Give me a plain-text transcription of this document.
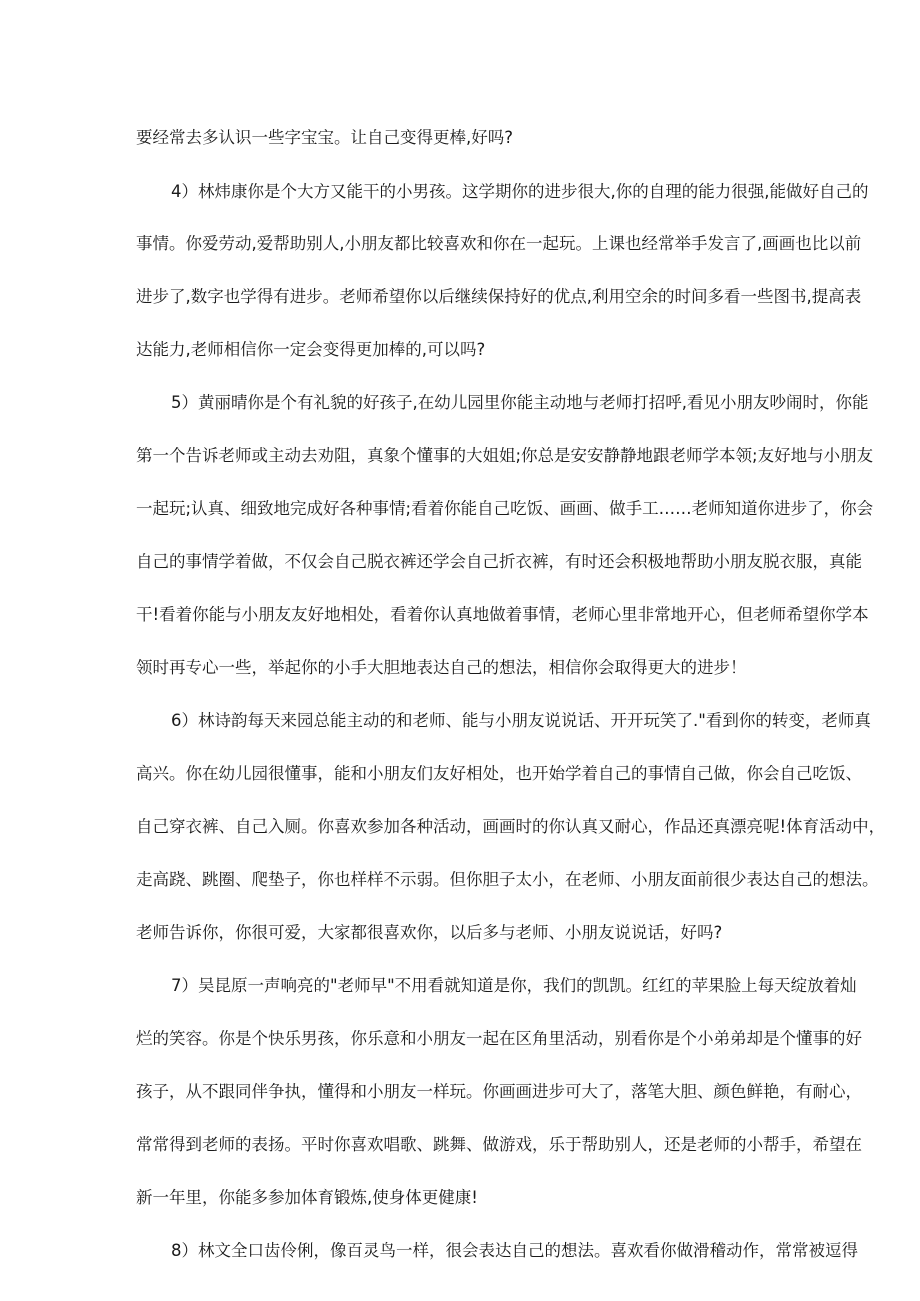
要经常去多认识一些字宝宝。让自己变得更棒,好吗?
4）林炜康你是个大方又能干的小男孩。这学期你的进步很大,你的自理的能力很强,能做好自己的
事情。你爱劳动,爱帮助别人,小朋友都比较喜欢和你在一起玩。上课也经常举手发言了,画画也比以前
进步了,数字也学得有进步。老师希望你以后继续保持好的优点,利用空余的时间多看一些图书,提高表
达能力,老师相信你一定会变得更加棒的,可以吗?
5）黄丽晴你是个有礼貌的好孩子,在幼儿园里你能主动地与老师打招呼,看见小朋友吵闹时，你能
第一个告诉老师或主动去劝阻，真象个懂事的大姐姐;你总是安安静静地跟老师学本领;友好地与小朋友
一起玩;认真、细致地完成好各种事情;看着你能自己吃饭、画画、做手工……老师知道你进步了，你会
自己的事情学着做，不仅会自己脱衣裤还学会自己折衣裤，有时还会积极地帮助小朋友脱衣服，真能
干!看着你能与小朋友友好地相处，看着你认真地做着事情，老师心里非常地开心，但老师希望你学本
领时再专心一些，举起你的小手大胆地表达自己的想法，相信你会取得更大的进步！
6）林诗韵每天来园总能主动的和老师、能与小朋友说说话、开开玩笑了."看到你的转变，老师真
高兴。你在幼儿园很懂事，能和小朋友们友好相处，也开始学着自己的事情自己做，你会自己吃饭、
自己穿衣裤、自己入厕。你喜欢参加各种活动，画画时的你认真又耐心，作品还真漂亮呢!体育活动中，
走高跷、跳圈、爬垫子，你也样样不示弱。但你胆子太小，在老师、小朋友面前很少表达自己的想法。
老师告诉你，你很可爱，大家都很喜欢你，以后多与老师、小朋友说说话，好吗?
7）吴昆原一声响亮的"老师早"不用看就知道是你，我们的凯凯。红红的苹果脸上每天绽放着灿
烂的笑容。你是个快乐男孩，你乐意和小朋友一起在区角里活动，别看你是个小弟弟却是个懂事的好
孩子，从不跟同伴争执，懂得和小朋友一样玩。你画画进步可大了，落笔大胆、颜色鲜艳，有耐心，
常常得到老师的表扬。平时你喜欢唱歌、跳舞、做游戏，乐于帮助别人，还是老师的小帮手，希望在
新一年里，你能多参加体育锻炼,使身体更健康!
8）林文全口齿伶俐，像百灵鸟一样，很会表达自己的想法。喜欢看你做滑稽动作，常常被逗得
